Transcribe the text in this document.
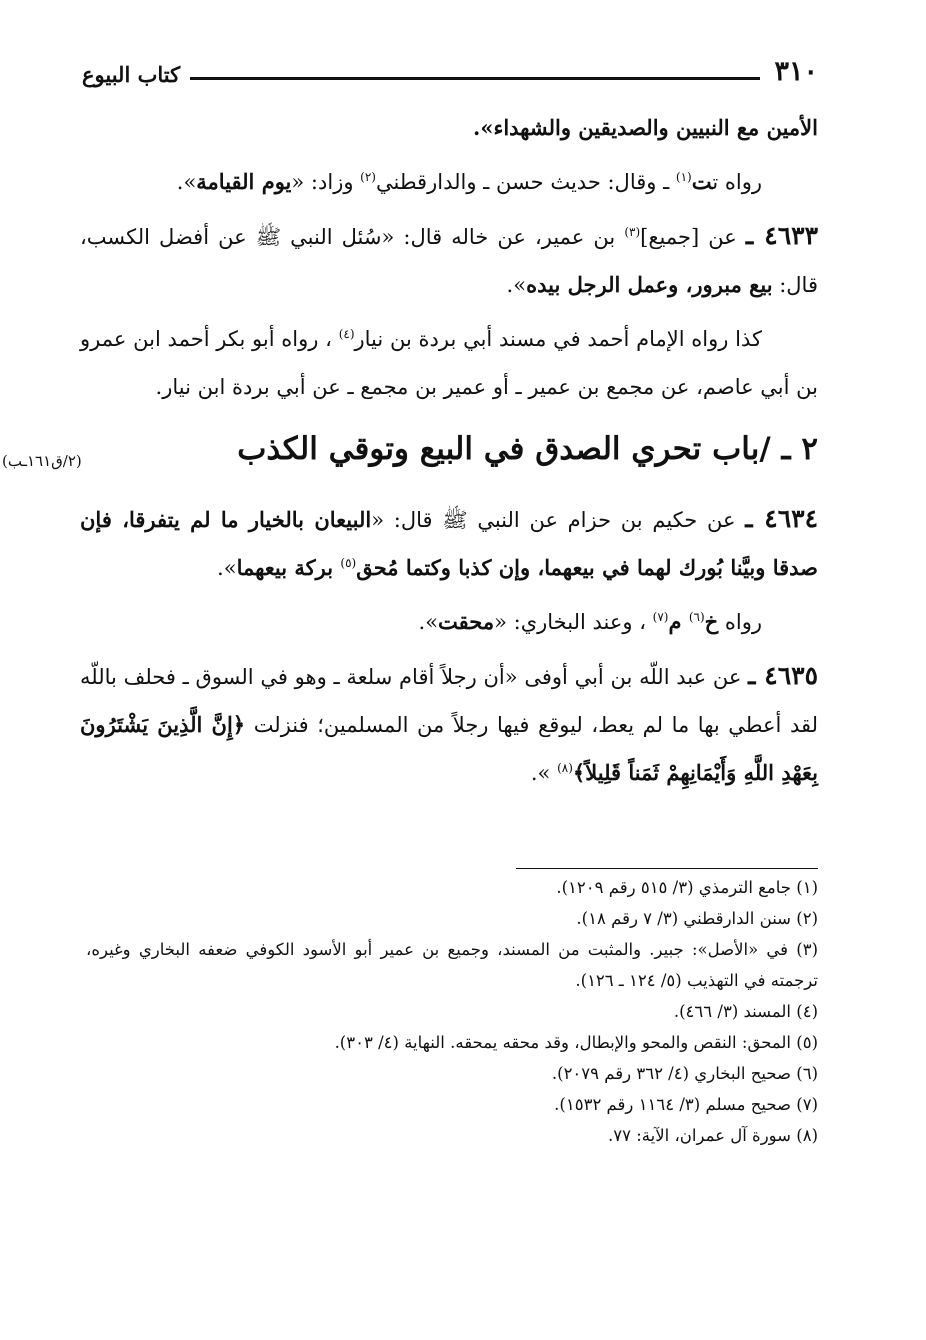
كتاب البيوع	٣١٠

الأمين مع النبيين والصديقين والشهداء».

رواه تت$^{(١)}$ ـ وقال: حديث حسن ـ والدارقطني$^{(٢)}$ وزاد: «يوم القيامة».

٤٦٣٣ ـ عن [جميع]$^{(٣)}$ بن عمير، عن خاله قال: «سُئل النبي ﷺ عن أفضل الكسب، قال: بيع مبرور، وعمل الرجل بيده».

كذا رواه الإمام أحمد في مسند أبي بردة بن نيار$^{(٤)}$ ، رواه أبو بكر أحمد ابن عمرو بن أبي عاصم، عن مجمع بن عمير ـ أو عمير بن مجمع ـ عن أبي بردة ابن نيار.

٢ ـ /باب تحري الصدق في البيع وتوقي الكذب
(٢/ق١٦١ـب)

٤٦٣٤ ـ عن حكيم بن حزام عن النبي ﷺ قال: «البيعان بالخيار ما لم يتفرقا، فإن صدقا وبيَّنا بُورك لهما في بيعهما، وإن كذبا وكتما مُحق$^{(٥)}$ بركة بيعهما».

رواه خ$^{(٦)}$ م$^{(٧)}$ ، وعند البخاري: «محقت».

٤٦٣٥ ـ عن عبد اللّه بن أبي أوفى «أن رجلاً أقام سلعة ـ وهو في السوق ـ فحلف باللّه لقد أعطي بها ما لم يعط، ليوقع فيها رجلاً من المسلمين؛ فنزلت ﴿إِنَّ الَّذِينَ يَشْتَرُونَ بِعَهْدِ اللَّهِ وَأَيْمَانِهِمْ ثَمَناً قَلِيلاً﴾$^{(٨)}$ ».

(١) جامع الترمذي (٣/ ٥١٥ رقم ١٢٠٩).
(٢) سنن الدارقطني (٣/ ٧ رقم ١٨).
(٣) في «الأصل»: جبير. والمثبت من المسند، وجميع بن عمير أبو الأسود الكوفي ضعفه البخاري وغيره، ترجمته في التهذيب (٥/ ١٢٤ ـ ١٢٦).
(٤) المسند (٣/ ٤٦٦).
(٥) المحق: النقص والمحو والإبطال، وقد محقه يمحقه. النهاية (٤/ ٣٠٣).
(٦) صحيح البخاري (٤/ ٣٦٢ رقم ٢٠٧٩).
(٧) صحيح مسلم (٣/ ١١٦٤ رقم ١٥٣٢).
(٨) سورة آل عمران، الآية: ٧٧.
